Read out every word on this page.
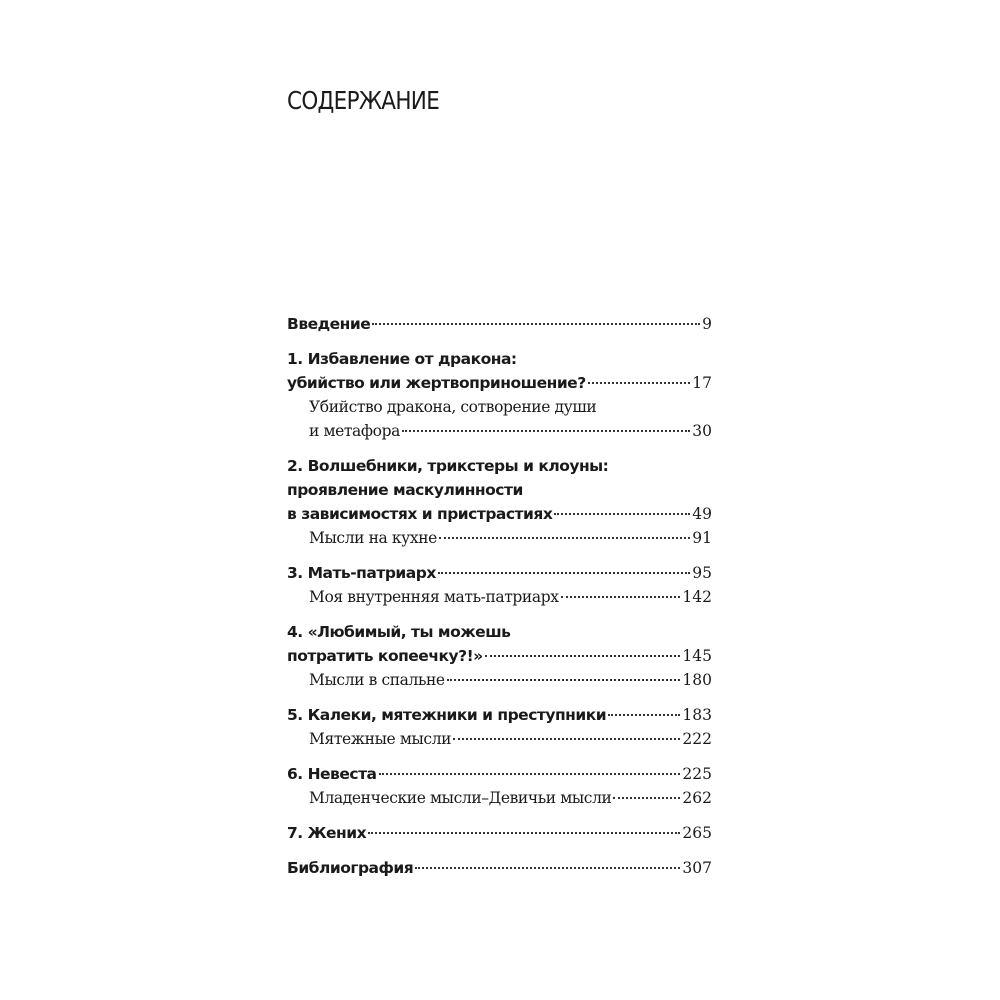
СОДЕРЖАНИЕ
Введение	9
1. Избавление от дракона:
убийство или жертвоприношение?	17
Убийство дракона, сотворение души
и метафора	30
2. Волшебники, трикстеры и клоуны:
проявление маскулинности
в зависимостях и пристрастиях	49
Мысли на кухне	91
3. Мать-патриарх	95
Моя внутренняя мать-патриарх	142
4. «Любимый, ты можешь
потратить копеечку?!»	145
Мысли в спальне	180
5. Калеки, мятежники и преступники	183
Мятежные мысли	222
6. Невеста	225
Младенческие мысли–Девичьи мысли	262
7. Жених	265
Библиография	307
